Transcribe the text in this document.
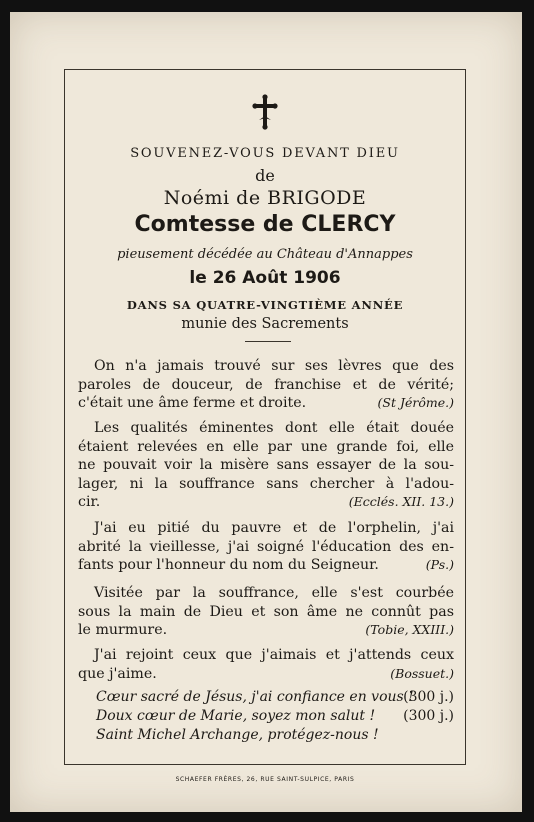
SOUVENEZ-VOUS DEVANT DIEU
de
Noémi de BRIGODE
Comtesse de CLERCY
pieusement décédée au Château d'Annappes
le 26 Août 1906
DANS SA QUATRE-VINGTIÈME ANNÉE
munie des Sacrements
On n'a jamais trouvé sur ses lèvres que des
paroles de douceur, de franchise et de vérité;
c'était une âme ferme et droite.	(St Jérôme.)
Les qualités éminentes dont elle était douée
étaient relevées en elle par une grande foi, elle
ne pouvait voir la misère sans essayer de la sou-
lager, ni la souffrance sans chercher à l'adou-
cir.	(Ecclés. XII. 13.)
J'ai eu pitié du pauvre et de l'orphelin, j'ai
abrité la vieillesse, j'ai soigné l'éducation des en-
fants pour l'honneur du nom du Seigneur.	(Ps.)
Visitée par la souffrance, elle s'est courbée
sous la main de Dieu et son âme ne connût pas
le murmure.	(Tobie, XXIII.)
J'ai rejoint ceux que j'aimais et j'attends ceux
que j'aime.	(Bossuet.)
Cœur sacré de Jésus, j'ai confiance en vous !
(300 j.)
Doux cœur de Marie, soyez mon salut ! (300 j.)
Saint Michel Archange, protégez-nous !
SCHAEFER FRÈRES, 26, RUE SAINT-SULPICE, PARIS
